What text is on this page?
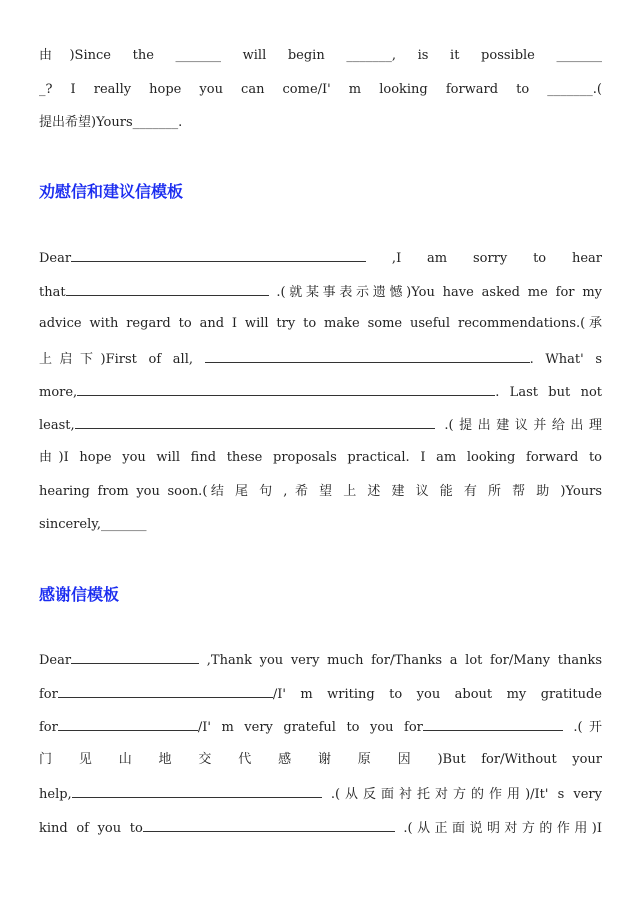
劝慰信和建议信模板
感谢信模板
由)Since the _______ will begin _______, is it possible _______
_? I really hope you can come/I' m looking forward to _______.(
提出希望)Yours_______.
Dear	,I am sorry to hear
that	.(就某事表示遗憾)You have asked me for my
advice with regard to and I will try to make some useful recommendations.(承
上启下)First of all,	. What' s
more,	. Last but not
least,	.(提出建议并给出理
由)I hope you will find these proposals practical. I am looking forward to
hearing from you soon.(结 尾 句 , 希 望 上 述 建 议 能 有 所 帮 助 )Yours
sincerely,_______
Dear	,Thank you very much for/Thanks a lot for/Many thanks
for	/I' m writing to you about my gratitude
for	/I' m very grateful to you for	.(开
门 见 山 地 交 代 感 谢 原 因 )But for/Without your
help,	.(从反面衬托对方的作用)/It' s very
kind of you to	.(从正面说明对方的作用)I
